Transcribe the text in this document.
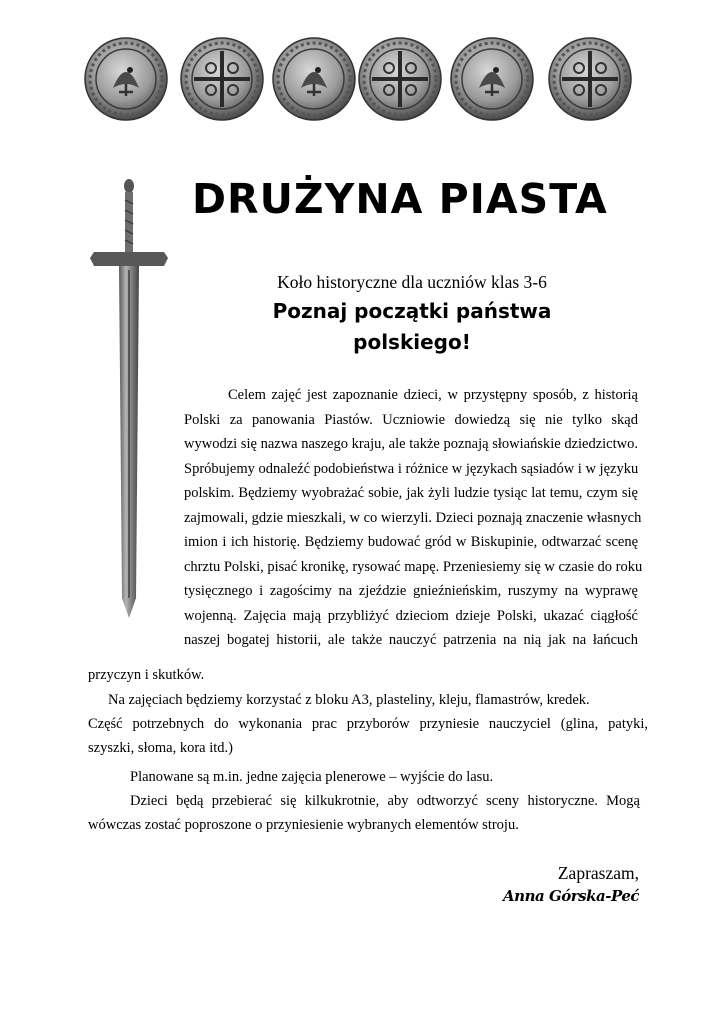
DRUŻYNA PIASTA
Koło historyczne dla uczniów klas 3-6
Poznaj początki państwa
polskiego!
Celem zajęć jest zapoznanie dzieci, w przystępny sposób, z historią
Polski za panowania Piastów. Uczniowie dowiedzą się nie tylko skąd
wywodzi się nazwa naszego kraju, ale także poznają słowiańskie dziedzictwo.
Spróbujemy odnaleźć podobieństwa i różnice w językach sąsiadów i w języku
polskim. Będziemy wyobrażać sobie, jak żyli ludzie tysiąc lat temu, czym się
zajmowali, gdzie mieszkali, w co wierzyli. Dzieci poznają znaczenie własnych
imion i ich historię. Będziemy budować gród w Biskupinie, odtwarzać scenę
chrztu Polski, pisać kronikę, rysować mapę. Przeniesiemy się w czasie do roku
tysięcznego i zagościmy na zjeździe gnieźnieńskim, ruszymy na wyprawę
wojenną. Zajęcia mają przybliżyć dzieciom dzieje Polski, ukazać ciągłość
naszej bogatej historii, ale także nauczyć patrzenia na nią jak na łańcuch

przyczyn i skutków.

Na zajęciach będziemy korzystać z bloku A3, plasteliny, kleju, flamastrów, kredek.

Część potrzebnych do wykonania prac przyborów przyniesie nauczyciel (glina, patyki,

szyszki, słoma, kora itd.)

Planowane są m.in. jedne zajęcia plenerowe – wyjście do lasu.

Dzieci będą przebierać się kilkukrotnie, aby odtworzyć sceny historyczne. Mogą

wówczas zostać poproszone o przyniesienie wybranych elementów stroju.

Zapraszam,
Anna Górska-Peć
